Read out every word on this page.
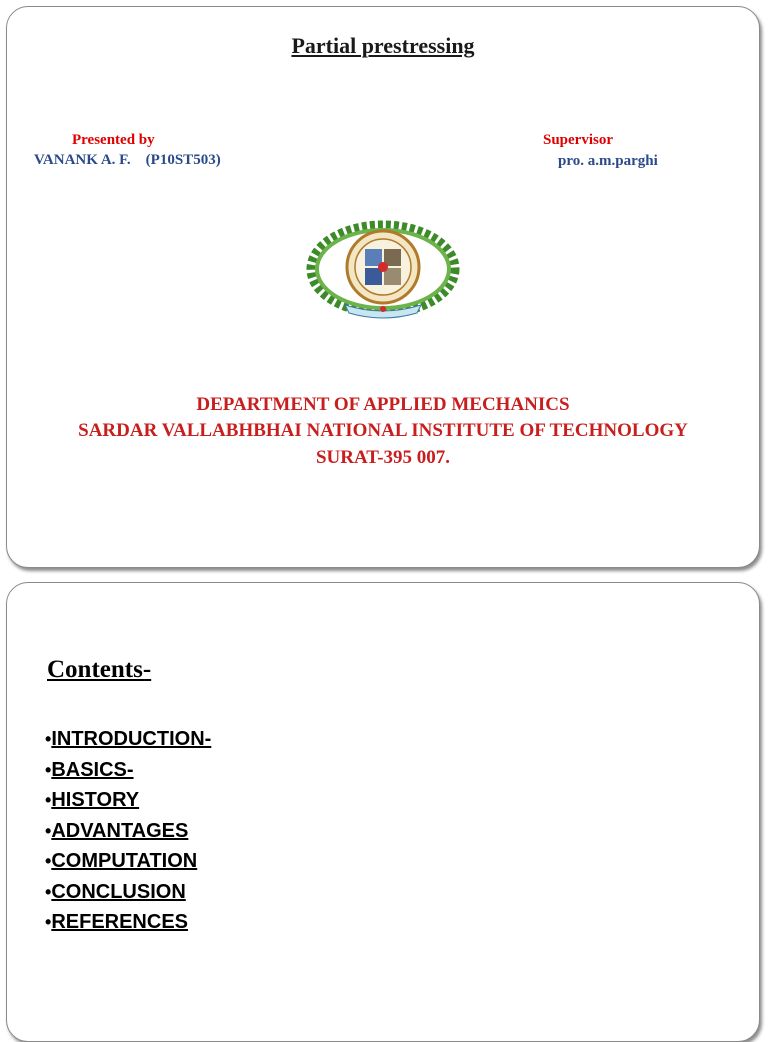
Partial prestressing
Presented by
VANANK A. F.    (P10ST503)
Supervisor
pro. a.m.parghi
DEPARTMENT OF APPLIED MECHANICS
SARDAR VALLABHBHAI NATIONAL INSTITUTE OF TECHNOLOGY
SURAT-395 007.
Contents-
•INTRODUCTION-
•BASICS-
•HISTORY
•ADVANTAGES
•COMPUTATION
•CONCLUSION
•REFERENCES
